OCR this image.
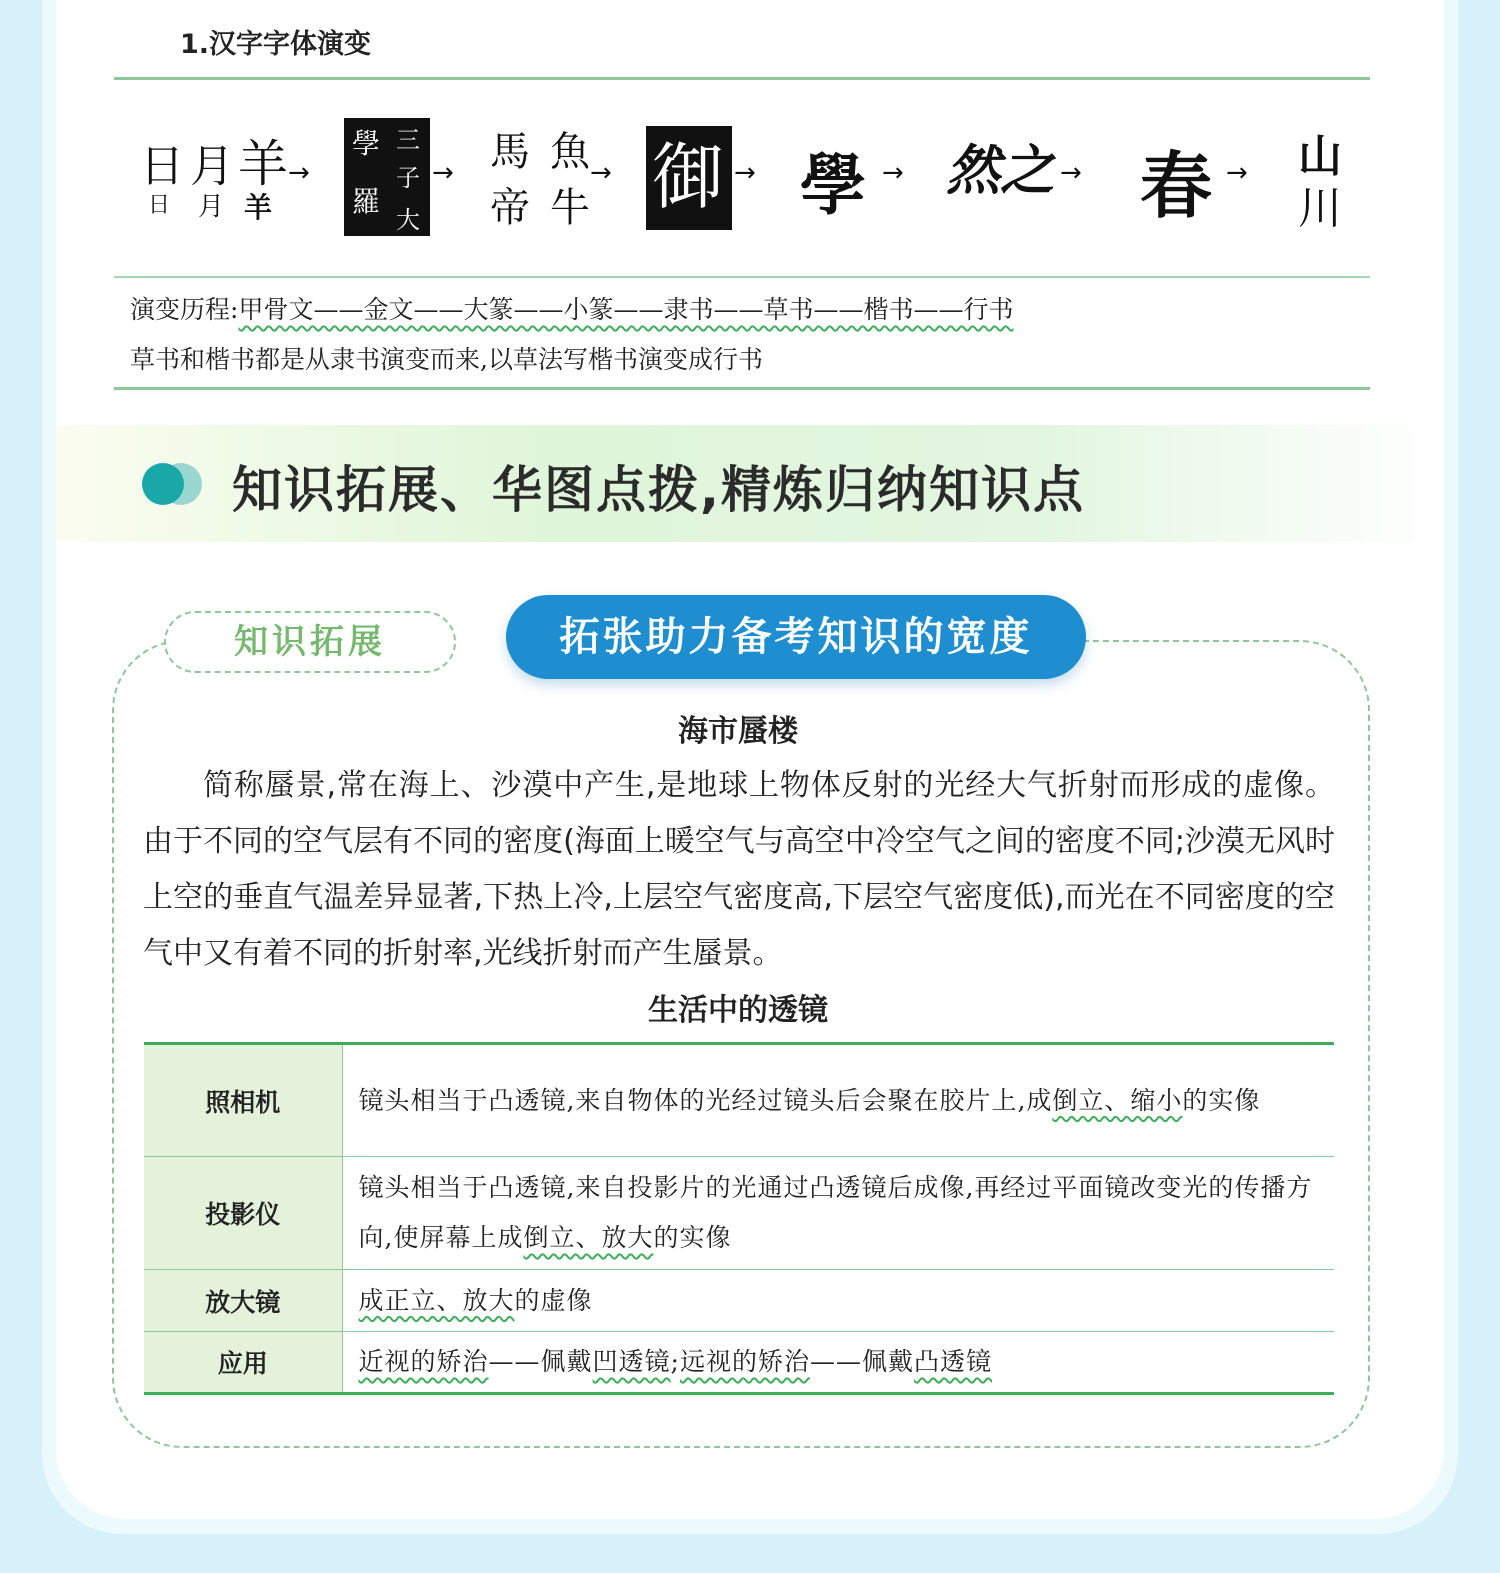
1.汉字字体演变
日 月 羊
日 月 羊
→
學 三
子
大
羅
→ 馬 魚
帝 牛
→ 御 → 學 → 然之 → 春 → 山
川
演变历程:甲骨文——金文——大篆——小篆——隶书——草书——楷书——行书
草书和楷书都是从隶书演变而来,以草法写楷书演变成行书
知识拓展、华图点拨,精炼归纳知识点
知识拓展	拓张助力备考知识的宽度
海市蜃楼

简称蜃景,常在海上、沙漠中产生,是地球上物体反射的光经大气折射而形成的虚像。 由于不同的空气层有不同的密度(海面上暖空气与高空中冷空气之间的密度不同;沙漠无风时上空的垂直气温差异显著,下热上冷,上层空气密度高,下层空气密度低),而光在不同密度的空气中又有着不同的折射率,光线折射而产生蜃景。

生活中的透镜
照相机	镜头相当于凸透镜,来自物体的光经过镜头后会聚在胶片上,成倒立、缩小的实像
投影仪	镜头相当于凸透镜,来自投影片的光通过凸透镜后成像,再经过平面镜改变光的传播方向,使屏幕上成倒立、放大的实像
放大镜	成正立、放大的虚像
应用	近视的矫治——佩戴凹透镜;远视的矫治——佩戴凸透镜
